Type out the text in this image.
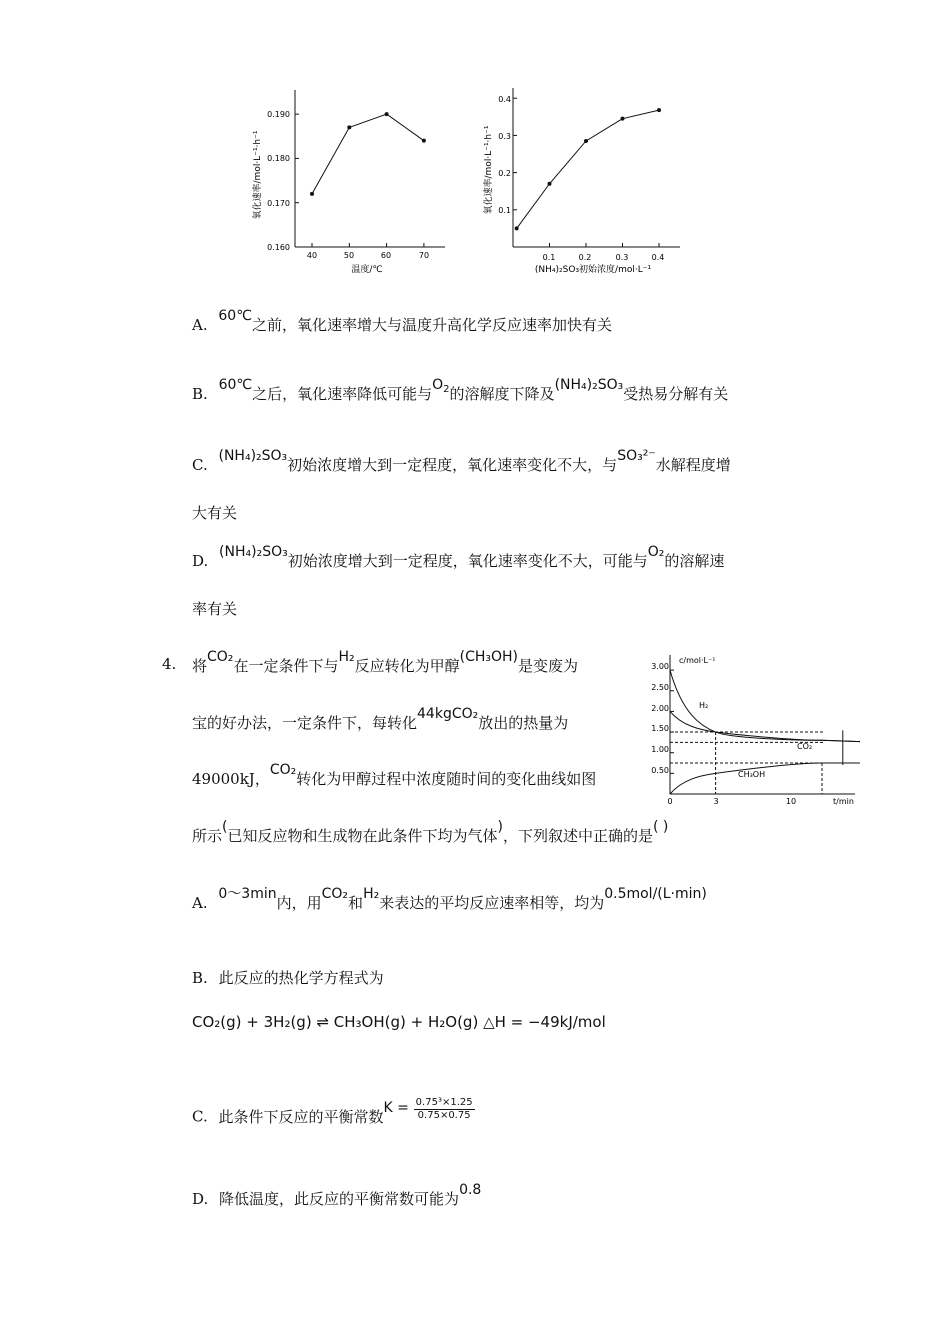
氧化速率/mol·L⁻¹·h⁻¹
温度/℃
40	50	60	70
0.160
0.170
0.180
0.190
氧化速率/mol·L⁻¹·h⁻¹
(NH₄)₂SO₃初始浓度/mol·L⁻¹
0.1	0.2	0.3	0.4
0.1
0.2
0.3
0.4
A. 60℃之前，氧化速率增大与温度升高化学反应速率加快有关
B. 60℃之后，氧化速率降低可能与$O_2$的溶解度下降及(NH₄)₂SO₃受热易分解有关
C. (NH₄)₂SO₃初始浓度增大到一定程度，氧化速率变化不大，与SO₃²⁻水解程度增
大有关
D. (NH₄)₂SO₃初始浓度增大到一定程度，氧化速率变化不大，可能与O₂的溶解速
率有关
4. 将CO₂在一定条件下与H₂反应转化为甲醇(CH₃OH)是变废为
宝的好办法，一定条件下，每转化44kgCO₂放出的热量为
49000kJ，CO₂转化为甲醇过程中浓度随时间的变化曲线如图
所示(已知反应物和生成物在此条件下均为气体)，下列叙述中正确的是( )
c/mol·L⁻¹
t/min
0	3	10
3.00
2.50
2.00
1.50
1.00
0.50
H₂
CO₂
CH₃OH
A. 0～3min内，用CO₂和H₂来表达的平均反应速率相等，均为0.5mol/(L·min)
B. 此反应的热化学方程式为
CO₂(g) + 3H₂(g) ⇌ CH₃OH(g) + H₂O(g) △H = −49kJ/mol
C. 此条件下反应的平衡常数$K = \frac{\text{0.75³×1.25}}{0.75\times 0.75}$
D. 降低温度，此反应的平衡常数可能为0.8
